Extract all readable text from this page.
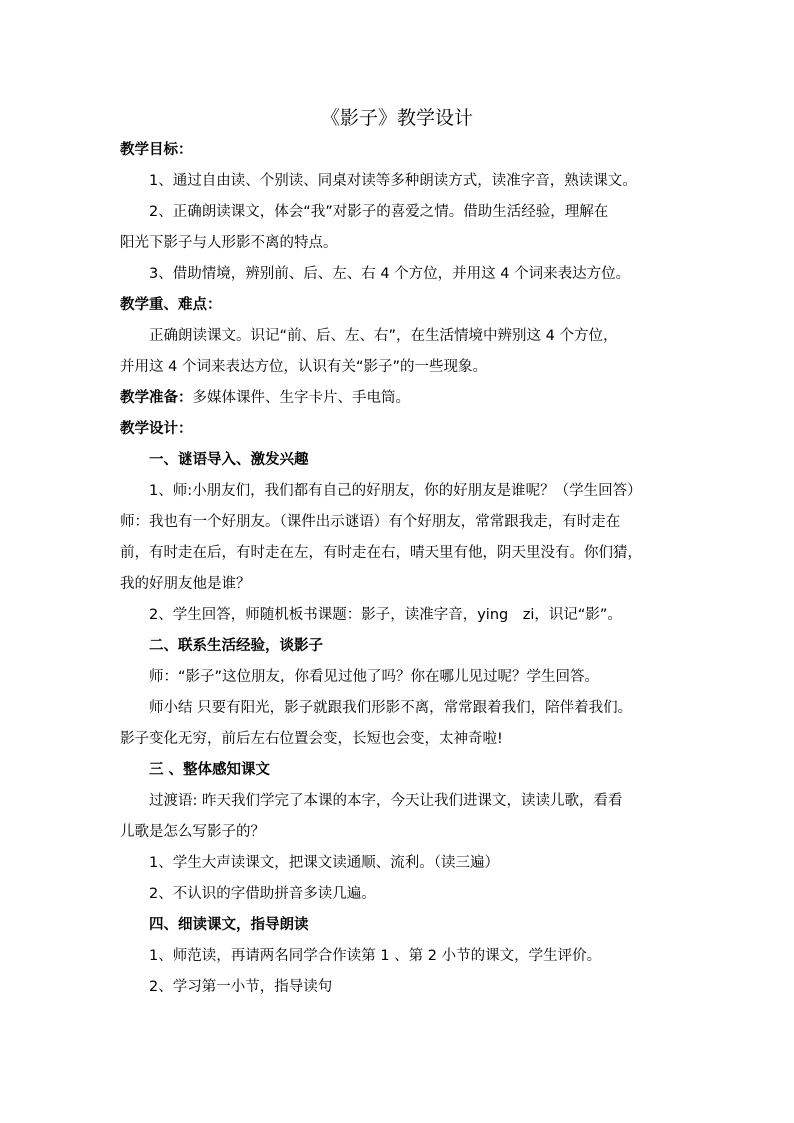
《影子》教学设计
教学目标：
1、通过自由读、个别读、同桌对读等多种朗读方式，读准字音，熟读课文。
2、正确朗读课文，体会“我”对影子的喜爱之情。借助生活经验，理解在
阳光下影子与人形影不离的特点。
3、借助情境，辨别前、后、左、右 4 个方位，并用这 4 个词来表达方位。
教学重、难点：
正确朗读课文。识记“前、后、左、右”，在生活情境中辨别这 4 个方位，
并用这 4 个词来表达方位，认识有关“影子”的一些现象。
教学准备：多媒体课件、生字卡片、手电筒。
教学设计：
一、谜语导入、激发兴趣
1、师:小朋友们，我们都有自己的好朋友，你的好朋友是谁呢？（学生回答）
师：我也有一个好朋友。（课件出示谜语）有个好朋友，常常跟我走，有时走在
前，有时走在后，有时走在左，有时走在右，晴天里有他，阴天里没有。你们猜，
我的好朋友他是谁？
2、学生回答，师随机板书课题：影子，读准字音，ying　zi，识记“影”。
二、联系生活经验，谈影子
师：“影子”这位朋友，你看见过他了吗？你在哪儿见过呢？学生回答。
师小结 只要有阳光，影子就跟我们形影不离，常常跟着我们，陪伴着我们。
影子变化无穷，前后左右位置会变，长短也会变，太神奇啦!
三 、整体感知课文
过渡语: 昨天我们学完了本课的本字，今天让我们进课文，读读儿歌，看看
儿歌是怎么写影子的？
1、学生大声读课文，把课文读通顺、流利。（读三遍）
2、不认识的字借助拼音多读几遍。
四、细读课文，指导朗读
1、师范读，再请两名同学合作读第 1 、第 2 小节的课文，学生评价。
2、学习第一小节，指导读句
